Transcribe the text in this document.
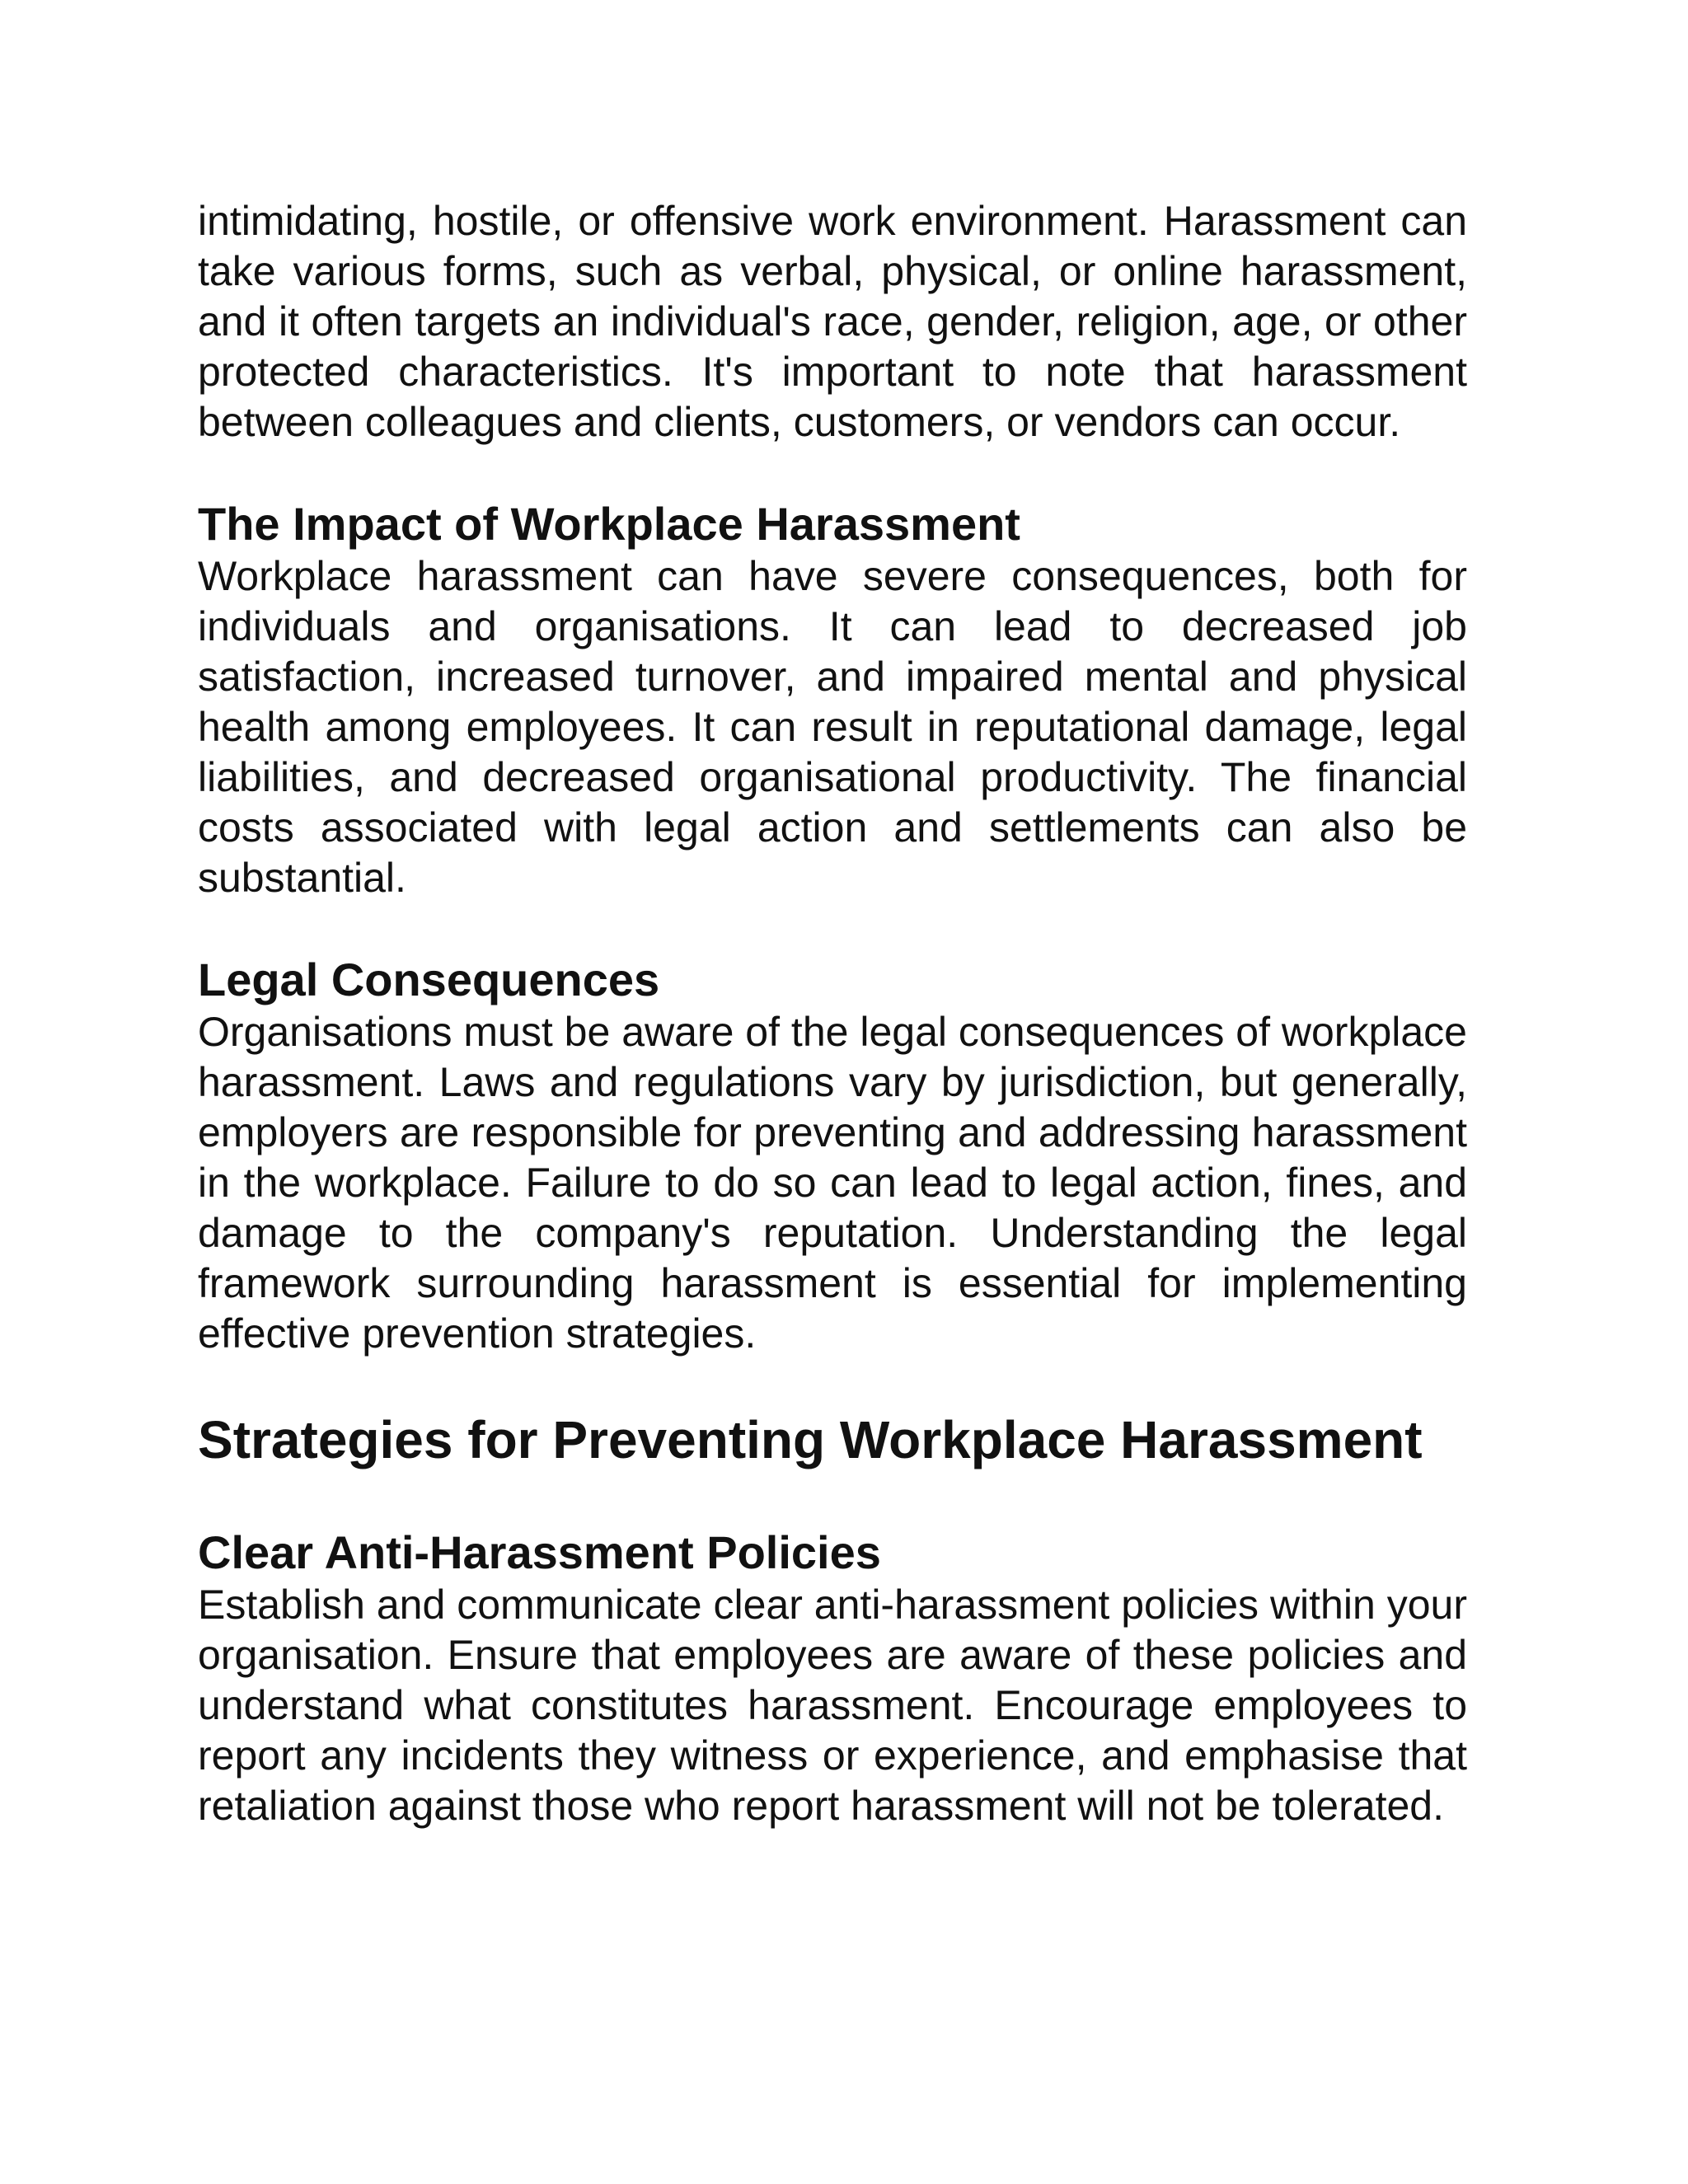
intimidating, hostile, or offensive work environment. Harassment can take various forms, such as verbal, physical, or online harassment, and it often targets an individual's race, gender, religion, age, or other protected characteristics. It's important to note that harassment between colleagues and clients, customers, or vendors can occur.

The Impact of Workplace Harassment

Workplace harassment can have severe consequences, both for individuals and organisations. It can lead to decreased job satisfaction, increased turnover, and impaired mental and physical health among employees. It can result in reputational damage, legal liabilities, and decreased organisational productivity. The financial costs associated with legal action and settlements can also be substantial.

Legal Consequences

Organisations must be aware of the legal consequences of workplace harassment. Laws and regulations vary by jurisdiction, but generally, employers are responsible for preventing and addressing harassment in the workplace. Failure to do so can lead to legal action, fines, and damage to the company's reputation. Understanding the legal framework surrounding harassment is essential for implementing effective prevention strategies.

Strategies for Preventing Workplace Harassment
Clear Anti-Harassment Policies

Establish and communicate clear anti-harassment policies within your organisation. Ensure that employees are aware of these policies and understand what constitutes harassment. Encourage employees to report any incidents they witness or experience, and emphasise that retaliation against those who report harassment will not be tolerated.
